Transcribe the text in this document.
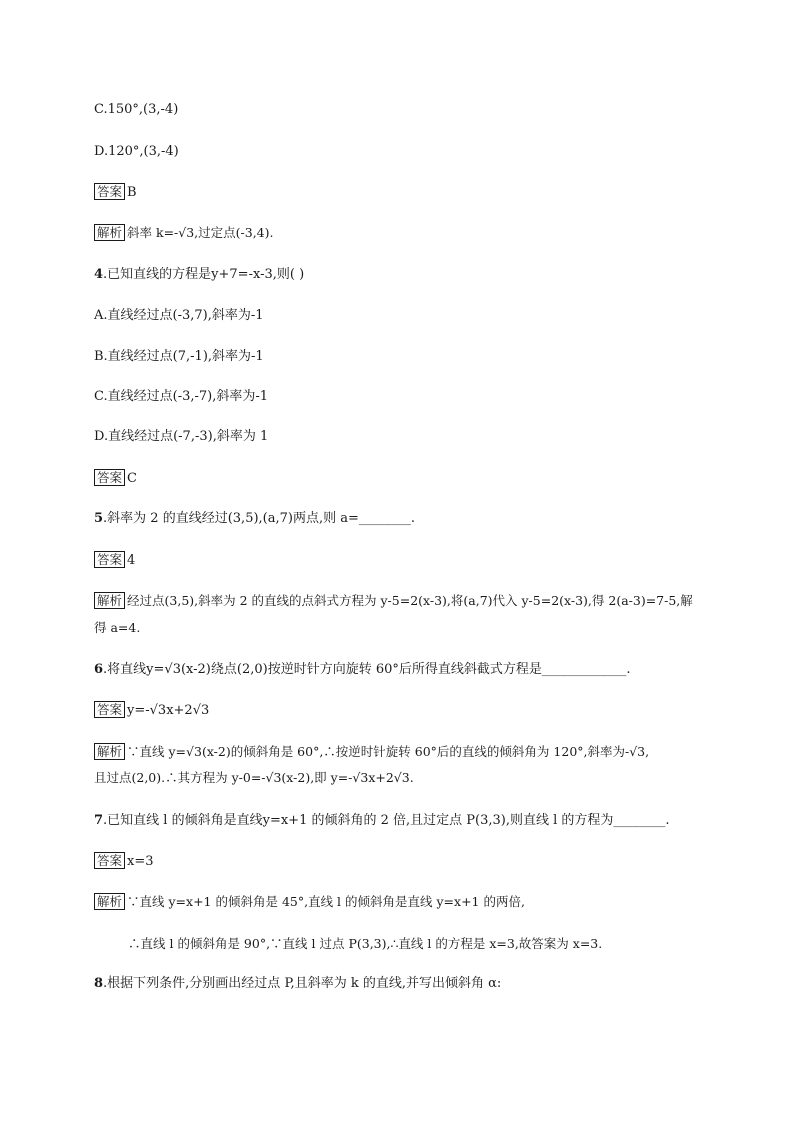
C.150°,(3,-4)
D.120°,(3,-4)
答案 B
解析 斜率 k=-√3,过定点(-3,4).
4.已知直线的方程是y+7=-x-3,则( )
A.直线经过点(-3,7),斜率为-1
B.直线经过点(7,-1),斜率为-1
C.直线经过点(-3,-7),斜率为-1
D.直线经过点(-7,-3),斜率为 1
答案 C
5.斜率为 2 的直线经过(3,5),(a,7)两点,则 a=________.
答案 4
解析 经过点(3,5),斜率为 2 的直线的点斜式方程为 y-5=2(x-3),将(a,7)代入 y-5=2(x-3),得 2(a-3)=7-5,解
得 a=4.
6.将直线y=√3(x-2)绕点(2,0)按逆时针方向旋转 60°后所得直线斜截式方程是_____________.
答案 y=-√3x+2√3
解析 ∵直线 y=√3(x-2)的倾斜角是 60°,∴按逆时针旋转 60°后的直线的倾斜角为 120°,斜率为-√3,
且过点(2,0).∴其方程为 y-0=-√3(x-2),即 y=-√3x+2√3.
7.已知直线 l 的倾斜角是直线y=x+1 的倾斜角的 2 倍,且过定点 P(3,3),则直线 l 的方程为________.
答案 x=3
解析 ∵直线 y=x+1 的倾斜角是 45°,直线 l 的倾斜角是直线 y=x+1 的两倍,
∴直线 l 的倾斜角是 90°,∵直线 l 过点 P(3,3),∴直线 l 的方程是 x=3,故答案为 x=3.
8.根据下列条件,分别画出经过点 P,且斜率为 k 的直线,并写出倾斜角 α:
